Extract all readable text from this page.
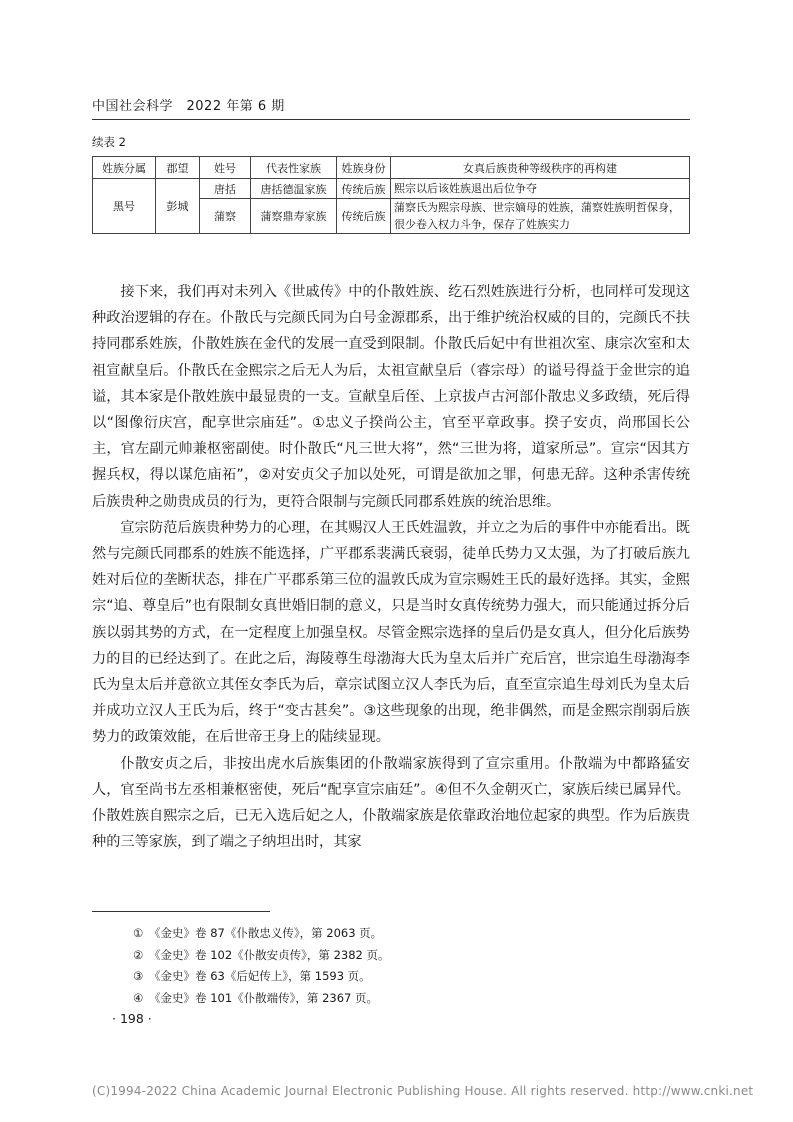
中国社会科学　2022 年第 6 期
续表 2
姓族分属	郡望	姓号	代表性家族	姓族身份	女真后族贵种等级秩序的再构建
黑号	彭城	唐括	唐括德温家族	传统后族	熙宗以后该姓族退出后位争夺
		蒲察	蒲察鼎寿家族	传统后族	蒲察氏为熙宗母族、世宗嫡母的姓族，蒲察姓族明哲保身，很少卷入权力斗争，保存了姓族实力

接下来，我们再对未列入《世戚传》中的仆散姓族、纥石烈姓族进行分析，也同样可发现这种政治逻辑的存在。仆散氏与完颜氏同为白号金源郡系，出于维护统治权威的目的，完颜氏不扶持同郡系姓族，仆散姓族在金代的发展一直受到限制。仆散氏后妃中有世祖次室、康宗次室和太祖宣献皇后。仆散氏在金熙宗之后无人为后，太祖宣献皇后（睿宗母）的谥号得益于金世宗的追谥，其本家是仆散姓族中最显贵的一支。宣献皇后侄、上京拔卢古河部仆散忠义多政绩，死后得以“图像衍庆宫，配享世宗庙廷”。①忠义子揆尚公主，官至平章政事。揆子安贞，尚邢国长公主，官左副元帅兼枢密副使。时仆散氏“凡三世大将”，然“三世为将，道家所忌”。宣宗“因其方握兵权，得以谋危庙祏”，②对安贞父子加以处死，可谓是欲加之罪，何患无辞。这种杀害传统后族贵种之勋贵成员的行为，更符合限制与完颜氏同郡系姓族的统治思维。

宣宗防范后族贵种势力的心理，在其赐汉人王氏姓温敦，并立之为后的事件中亦能看出。既然与完颜氏同郡系的姓族不能选择，广平郡系裴满氏衰弱，徒单氏势力又太强，为了打破后族九姓对后位的垄断状态，排在广平郡系第三位的温敦氏成为宣宗赐姓王氏的最好选择。其实，金熙宗“追、尊皇后”也有限制女真世婚旧制的意义，只是当时女真传统势力强大，而只能通过拆分后族以弱其势的方式，在一定程度上加强皇权。尽管金熙宗选择的皇后仍是女真人，但分化后族势力的目的已经达到了。在此之后，海陵尊生母渤海大氏为皇太后并广充后宫，世宗追生母渤海李氏为皇太后并意欲立其侄女李氏为后，章宗试图立汉人李氏为后，直至宣宗追生母刘氏为皇太后并成功立汉人王氏为后，终于“变古甚矣”。③这些现象的出现，绝非偶然，而是金熙宗削弱后族势力的政策效能，在后世帝王身上的陆续显现。

仆散安贞之后，非按出虎水后族集团的仆散端家族得到了宣宗重用。仆散端为中都路猛安人，官至尚书左丞相兼枢密使，死后“配享宣宗庙廷”。④但不久金朝灭亡，家族后续已属异代。仆散姓族自熙宗之后，已无入选后妃之人，仆散端家族是依靠政治地位起家的典型。作为后族贵种的三等家族，到了端之子纳坦出时，其家

①　《金史》卷 87《仆散忠义传》，第 2063 页。
②　《金史》卷 102《仆散安贞传》，第 2382 页。
③　《金史》卷 63《后妃传上》，第 1593 页。
④　《金史》卷 101《仆散端传》，第 2367 页。
· 198 ·
(C)1994-2022 China Academic Journal Electronic Publishing House. All rights reserved. http://www.cnki.net
